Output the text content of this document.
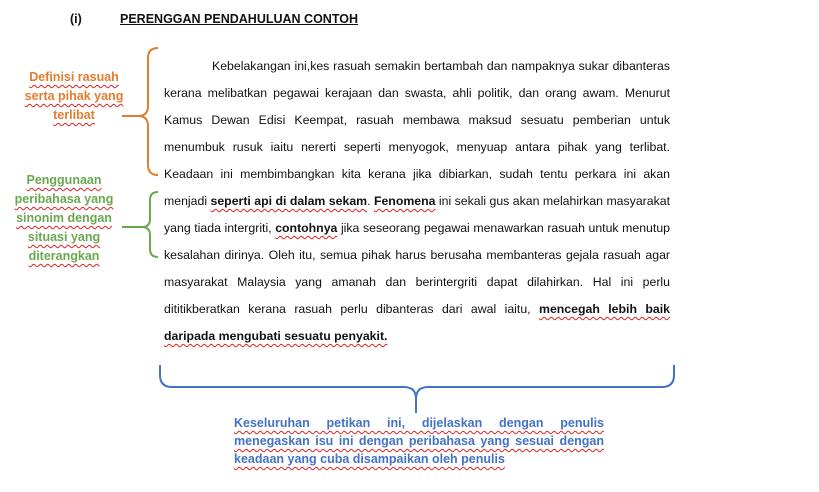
(i)	PERENGGAN PENDAHULUAN CONTOH
Definisi rasuah serta pihak yang terlibat
Penggunaan peribahasa yang sinonim dengan situasi yang diterangkan

Kebelakangan ini,kes rasuah semakin bertambah dan nampaknya sukar dibanteras kerana melibatkan pegawai kerajaan dan swasta, ahli politik, dan orang awam. Menurut Kamus Dewan Edisi Keempat, rasuah membawa maksud sesuatu pemberian untuk menumbuk rusuk iaitu nererti seperti menyogok, menyuap antara pihak yang terlibat. Keadaan ini membimbangkan kita kerana jika dibiarkan, sudah tentu perkara ini akan menjadi seperti api di dalam sekam. Fenomena ini sekali gus akan melahirkan masyarakat yang tiada intergriti, contohnya jika seseorang pegawai menawarkan rasuah untuk menutup kesalahan dirinya. Oleh itu, semua pihak harus berusaha membanteras gejala rasuah agar masyarakat Malaysia yang amanah dan berintergriti dapat dilahirkan. Hal ini perlu dititikberatkan kerana rasuah perlu dibanteras dari awal iaitu, mencegah lebih baik daripada mengubati sesuatu penyakit.

Keseluruhan petikan ini, dijelaskan dengan penulis menegaskan isu ini dengan peribahasa yang sesuai dengan keadaan yang cuba disampaikan oleh penulis
